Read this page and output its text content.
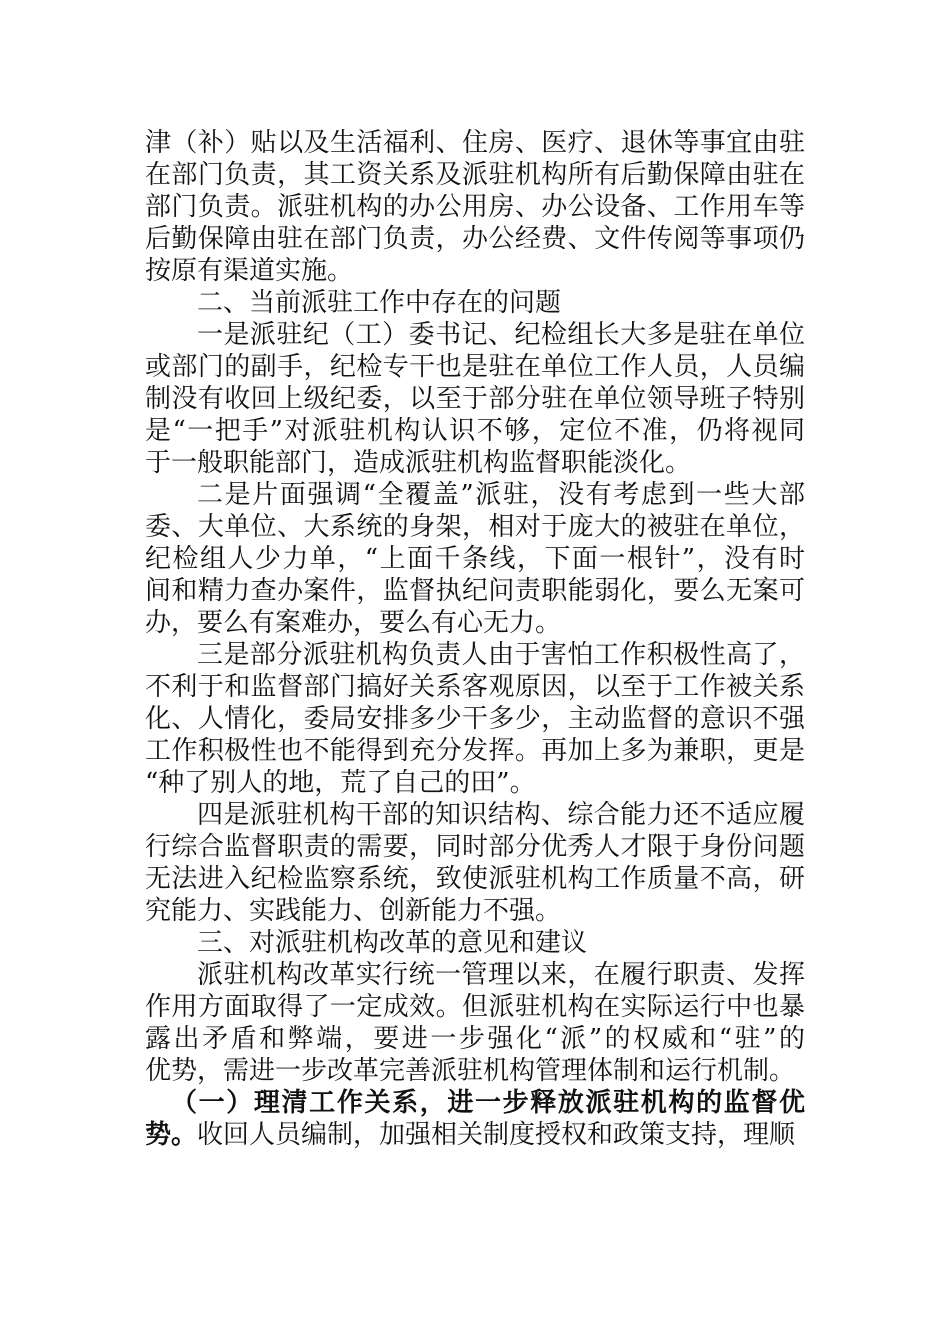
津（补）贴以及生活福利、住房、医疗、退休等事宜由驻
在部门负责，其工资关系及派驻机构所有后勤保障由驻在
部门负责。派驻机构的办公用房、办公设备、工作用车等
后勤保障由驻在部门负责，办公经费、文件传阅等事项仍
按原有渠道实施。
二、当前派驻工作中存在的问题
一是派驻纪（工）委书记、纪检组长大多是驻在单位
或部门的副手，纪检专干也是驻在单位工作人员，人员编
制没有收回上级纪委，以至于部分驻在单位领导班子特别
是“一把手”对派驻机构认识不够，定位不准，仍将视同
于一般职能部门，造成派驻机构监督职能淡化。
二是片面强调“全覆盖”派驻，没有考虑到一些大部
委、大单位、大系统的身架，相对于庞大的被驻在单位，
纪检组人少力单，“上面千条线，下面一根针”，没有时
间和精力查办案件，监督执纪问责职能弱化，要么无案可
办，要么有案难办，要么有心无力。
三是部分派驻机构负责人由于害怕工作积极性高了，
不利于和监督部门搞好关系客观原因，以至于工作被关系
化、人情化，委局安排多少干多少，主动监督的意识不强
工作积极性也不能得到充分发挥。再加上多为兼职，更是
“种了别人的地，荒了自己的田”。
四是派驻机构干部的知识结构、综合能力还不适应履
行综合监督职责的需要，同时部分优秀人才限于身份问题
无法进入纪检监察系统，致使派驻机构工作质量不高，研
究能力、实践能力、创新能力不强。
三、对派驻机构改革的意见和建议
派驻机构改革实行统一管理以来，在履行职责、发挥
作用方面取得了一定成效。但派驻机构在实际运行中也暴
露出矛盾和弊端，要进一步强化“派”的权威和“驻”的
优势，需进一步改革完善派驻机构管理体制和运行机制。
（一）理清工作关系，进一步释放派驻机构的监督优
势。收回人员编制，加强相关制度授权和政策支持，理顺
